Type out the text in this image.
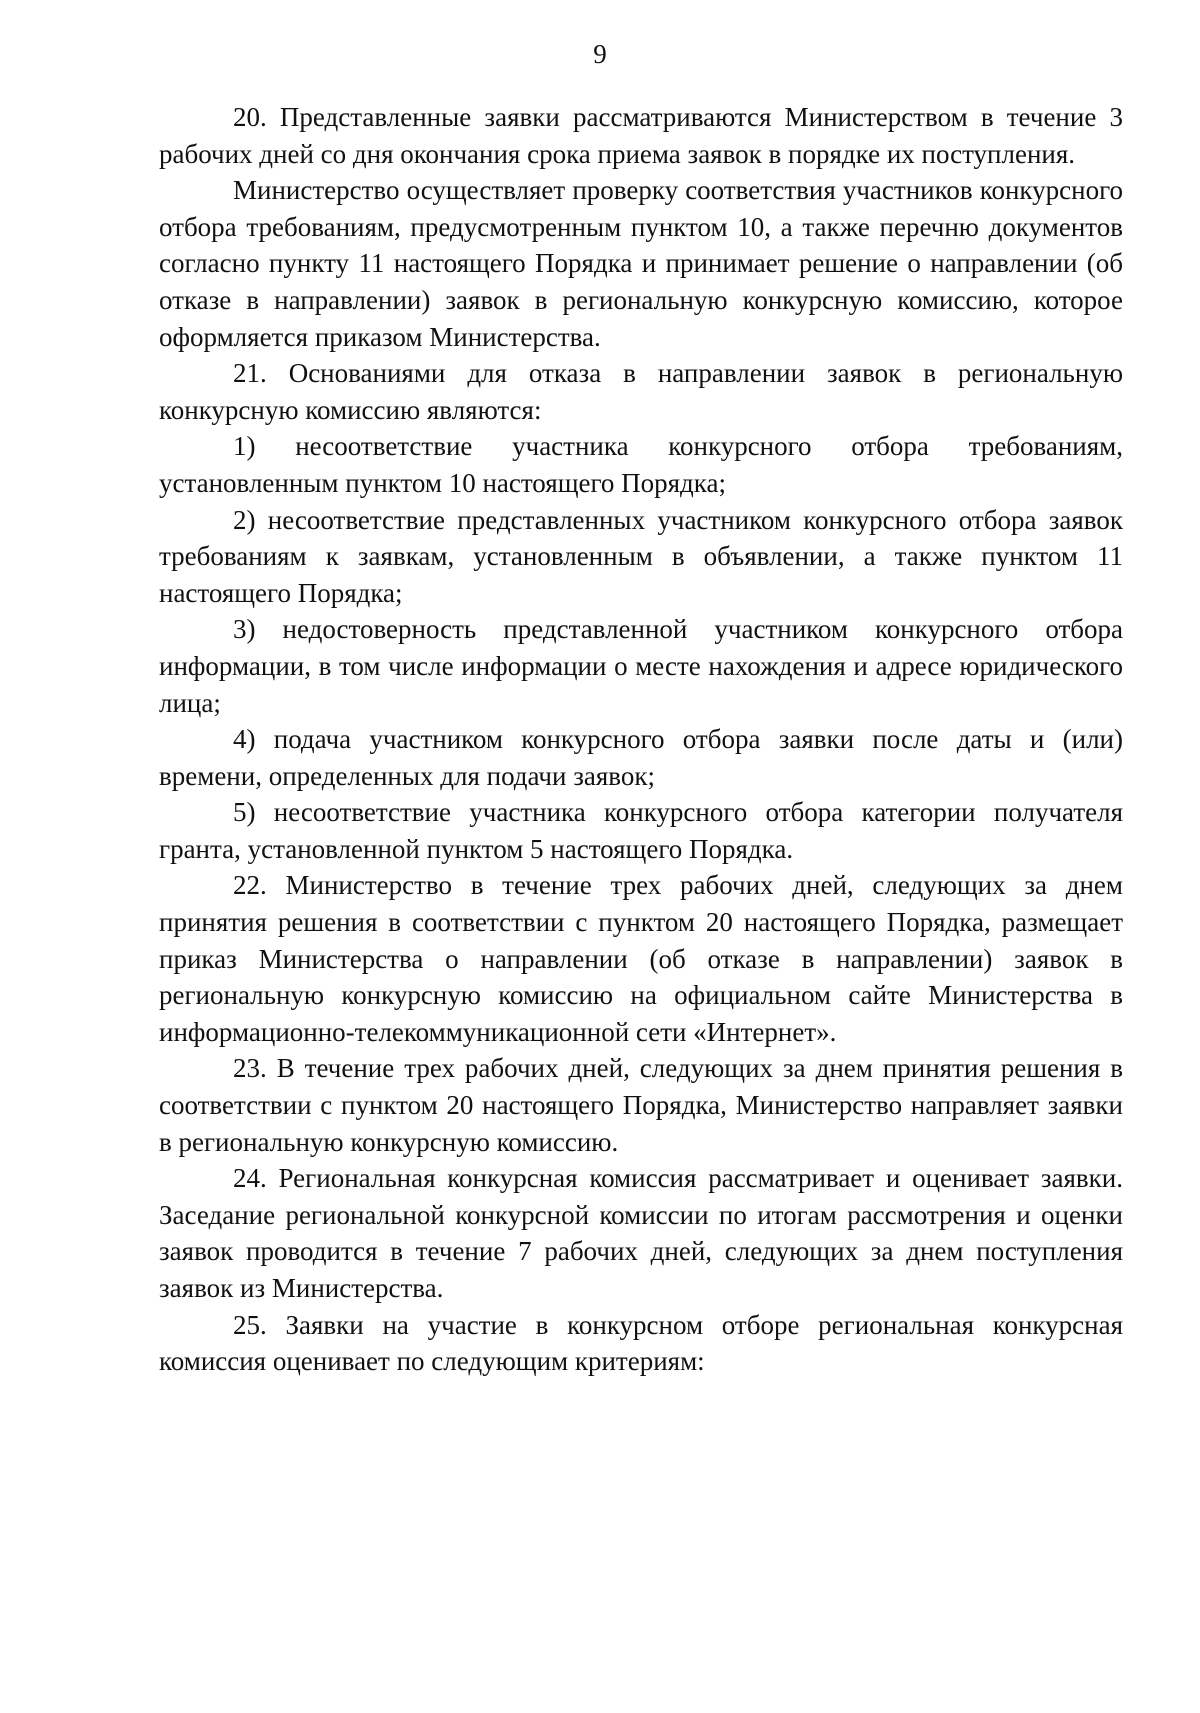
9

20. Представленные заявки рассматриваются Министерством в течение 3 рабочих дней со дня окончания срока приема заявок в порядке их поступления.

Министерство осуществляет проверку соответствия участников конкурсного отбора требованиям, предусмотренным пунктом 10, а также перечню документов согласно пункту 11 настоящего Порядка и принимает решение о направлении (об отказе в направлении) заявок в региональную конкурсную комиссию, которое оформляется приказом Министерства.

21. Основаниями для отказа в направлении заявок в региональную конкурсную комиссию являются:

1) несоответствие участника конкурсного отбора требованиям, установленным пунктом 10 настоящего Порядка;

2) несоответствие представленных участником конкурсного отбора заявок требованиям к заявкам, установленным в объявлении, а также пунктом 11 настоящего Порядка;

3) недостоверность представленной участником конкурсного отбора информации, в том числе информации о месте нахождения и адресе юридического лица;

4) подача участником конкурсного отбора заявки после даты и (или) времени, определенных для подачи заявок;

5) несоответствие участника конкурсного отбора категории получателя гранта, установленной пунктом 5 настоящего Порядка.

22. Министерство в течение трех рабочих дней, следующих за днем принятия решения в соответствии с пунктом 20 настоящего Порядка, размещает приказ Министерства о направлении (об отказе в направлении) заявок в региональную конкурсную комиссию на официальном сайте Министерства в информационно-телекоммуникационной сети «Интернет».

23. В течение трех рабочих дней, следующих за днем принятия решения в соответствии с пунктом 20 настоящего Порядка, Министерство направляет заявки в региональную конкурсную комиссию.

24. Региональная конкурсная комиссия рассматривает и оценивает заявки. Заседание региональной конкурсной комиссии по итогам рассмотрения и оценки заявок проводится в течение 7 рабочих дней, следующих за днем поступления заявок из Министерства.

25. Заявки на участие в конкурсном отборе региональная конкурсная комиссия оценивает по следующим критериям:
